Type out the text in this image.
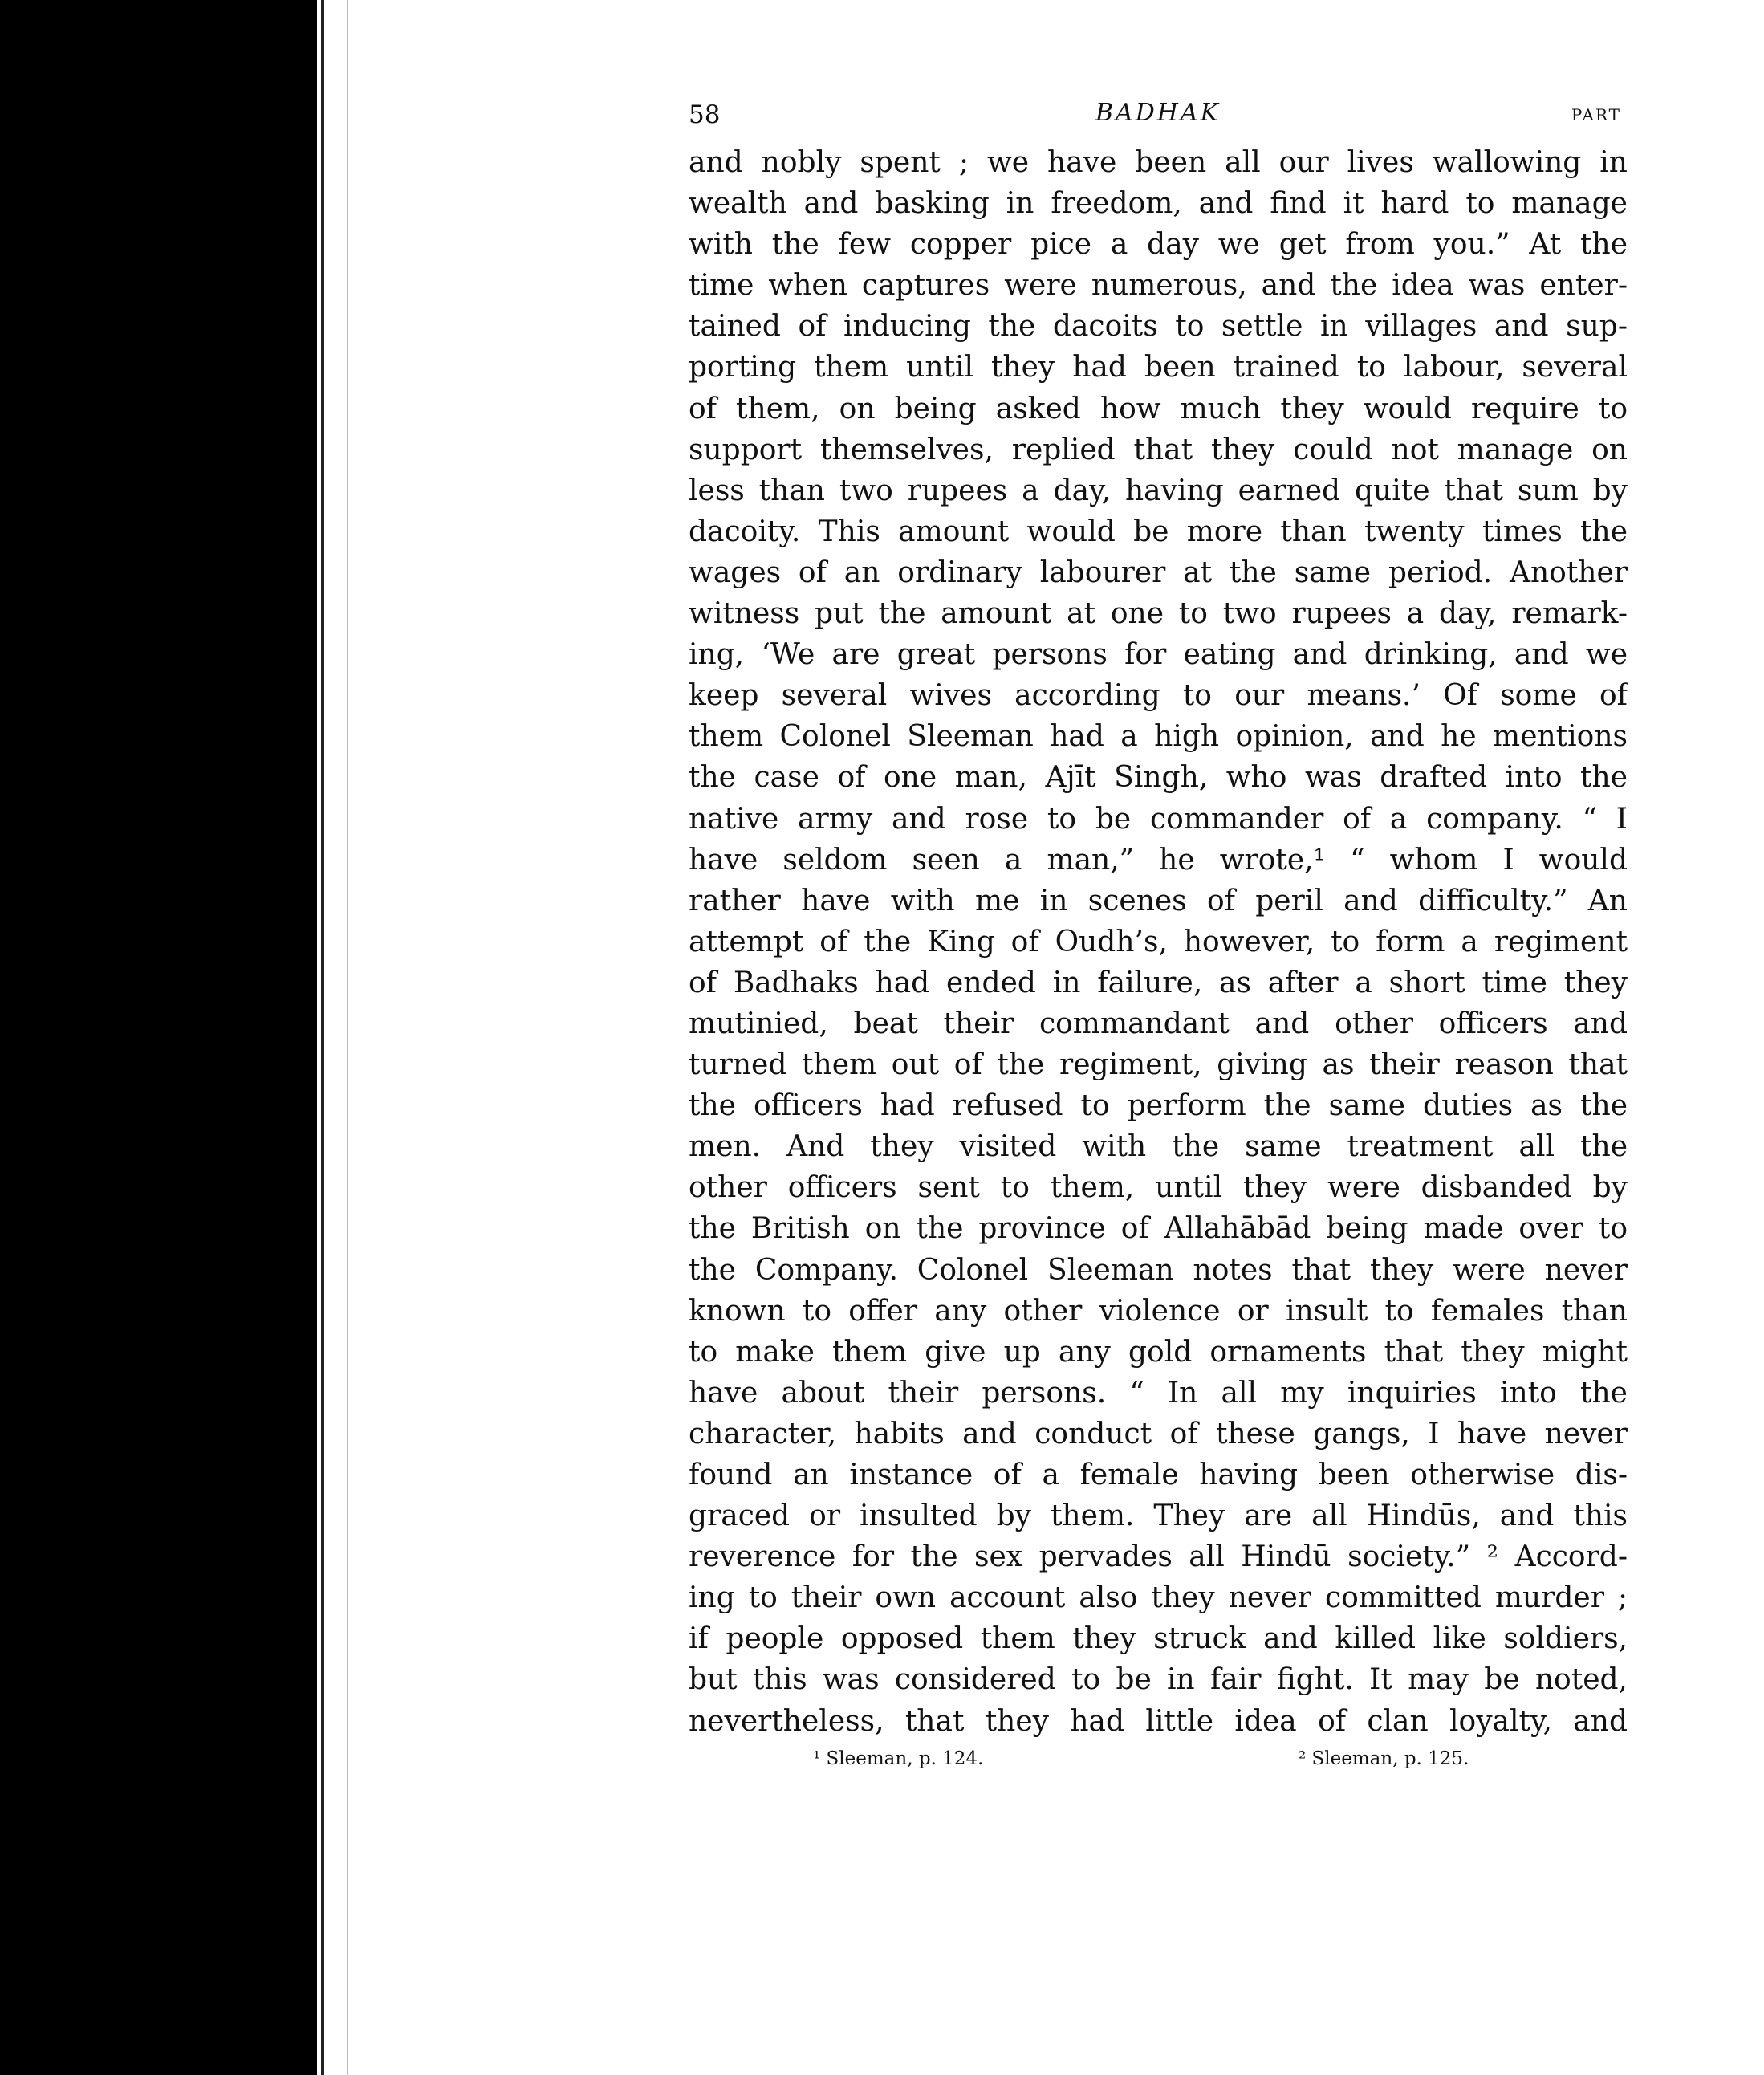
58	BADHAK	PART
and nobly spent ; we have been all our lives wallowing in
wealth and basking in freedom, and find it hard to manage
with the few copper pice a day we get from you.” At the
time when captures were numerous, and the idea was enter-
tained of inducing the dacoits to settle in villages and sup-
porting them until they had been trained to labour, several
of them, on being asked how much they would require to
support themselves, replied that they could not manage on
less than two rupees a day, having earned quite that sum by
dacoity. This amount would be more than twenty times the
wages of an ordinary labourer at the same period. Another
witness put the amount at one to two rupees a day, remark-
ing, ‘We are great persons for eating and drinking, and we
keep several wives according to our means.’ Of some of
them Colonel Sleeman had a high opinion, and he mentions
the case of one man, Ajīt Singh, who was drafted into the
native army and rose to be commander of a company. “ I
have seldom seen a man,” he wrote,¹ “ whom I would
rather have with me in scenes of peril and difficulty.” An
attempt of the King of Oudh’s, however, to form a regiment
of Badhaks had ended in failure, as after a short time they
mutinied, beat their commandant and other officers and
turned them out of the regiment, giving as their reason that
the officers had refused to perform the same duties as the
men. And they visited with the same treatment all the
other officers sent to them, until they were disbanded by
the British on the province of Allahābād being made over to
the Company. Colonel Sleeman notes that they were never
known to offer any other violence or insult to females than
to make them give up any gold ornaments that they might
have about their persons. “ In all my inquiries into the
character, habits and conduct of these gangs, I have never
found an instance of a female having been otherwise dis-
graced or insulted by them. They are all Hindūs, and this
reverence for the sex pervades all Hindū society.” ² Accord-
ing to their own account also they never committed murder ;
if people opposed them they struck and killed like soldiers,
but this was considered to be in fair fight. It may be noted,
nevertheless, that they had little idea of clan loyalty, and
¹ Sleeman, p. 124.	² Sleeman, p. 125.
